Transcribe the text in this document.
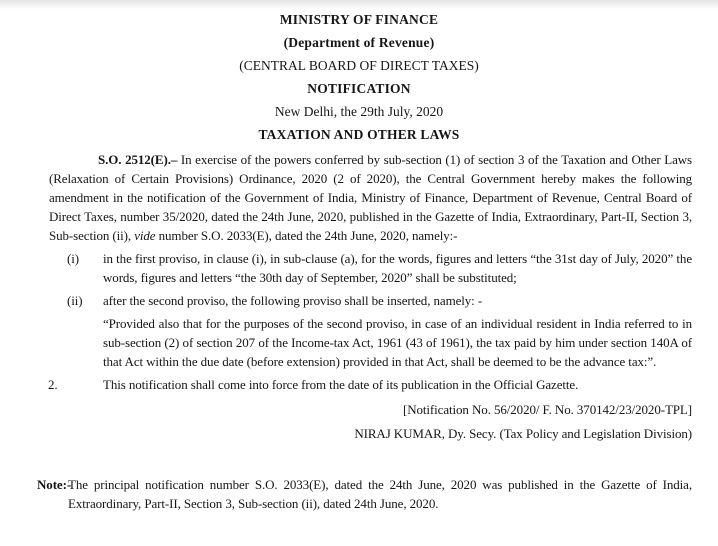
MINISTRY OF FINANCE
(Department of Revenue)
(CENTRAL BOARD OF DIRECT TAXES)
NOTIFICATION
New Delhi, the 29th July, 2020
TAXATION AND OTHER LAWS
S.O. 2512(E).– In exercise of the powers conferred by sub-section (1) of section 3 of the Taxation and Other Laws (Relaxation of Certain Provisions) Ordinance, 2020 (2 of 2020), the Central Government hereby makes the following amendment in the notification of the Government of India, Ministry of Finance, Department of Revenue, Central Board of Direct Taxes, number 35/2020, dated the 24th June, 2020, published in the Gazette of India, Extraordinary, Part-II, Section 3, Sub-section (ii), vide number S.O. 2033(E), dated the 24th June, 2020, namely:-
(i)	in the first proviso, in clause (i), in sub-clause (a), for the words, figures and letters “the 31st day of July, 2020” the words, figures and letters “the 30th day of September, 2020” shall be substituted;
(ii)	after the second proviso, the following proviso shall be inserted, namely: -
“Provided also that for the purposes of the second proviso, in case of an individual resident in India referred to in sub-section (2) of section 207 of the Income-tax Act, 1961 (43 of 1961), the tax paid by him under section 140A of that Act within the due date (before extension) provided in that Act, shall be deemed to be the advance tax:”.
2.	This notification shall come into force from the date of its publication in the Official Gazette.
[Notification No. 56/2020/ F. No. 370142/23/2020-TPL]
NIRAJ KUMAR, Dy. Secy. (Tax Policy and Legislation Division)
Note:-
The principal notification number S.O. 2033(E), dated the 24th June, 2020 was published in the Gazette of India, Extraordinary, Part-II, Section 3, Sub-section (ii), dated 24th June, 2020.
